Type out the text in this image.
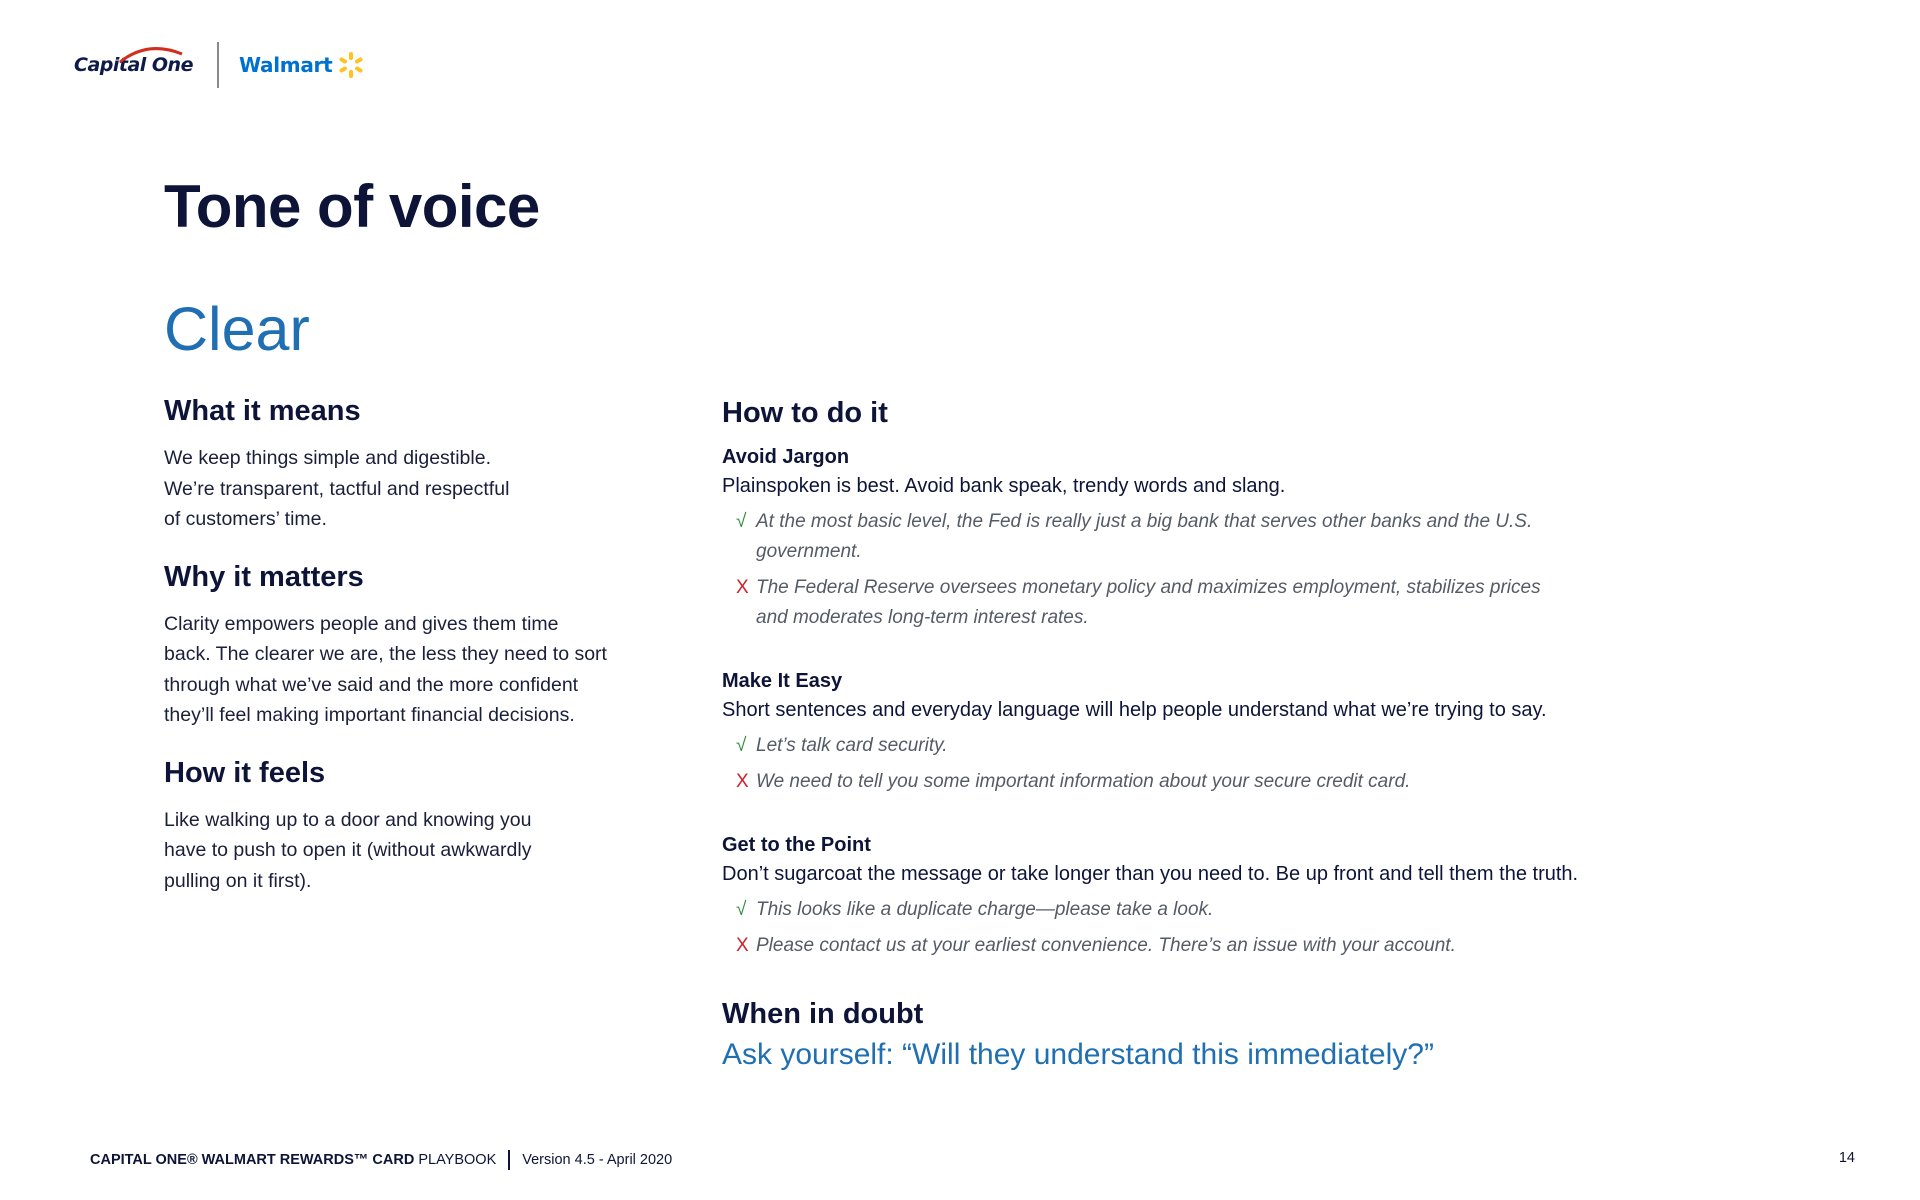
Capital One Walmart
Tone of voice
Clear
What it means

We keep things simple and digestible.
We’re transparent, tactful and respectful
of customers’ time.

Why it matters

Clarity empowers people and gives them time
back. The clearer we are, the less they need to sort
through what we’ve said and the more confident
they’ll feel making important financial decisions.

How it feels

Like walking up to a door and knowing you
have to push to open it (without awkwardly
pulling on it first).

How to do it
Avoid Jargon
Plainspoken is best. Avoid bank speak, trendy words and slang.
√ At the most basic level, the Fed is really just a big bank that serves other banks and the U.S. government.
X The Federal Reserve oversees monetary policy and maximizes employment, stabilizes prices and moderates long-term interest rates.
Make It Easy
Short sentences and everyday language will help people understand what we’re trying to say.
√ Let’s talk card security.
X We need to tell you some important information about your secure credit card.
Get to the Point
Don’t sugarcoat the message or take longer than you need to. Be up front and tell them the truth.
√ This looks like a duplicate charge—please take a look.
X Please contact us at your earliest convenience. There’s an issue with your account.
When in doubt
Ask yourself: “Will they understand this immediately?”
CAPITAL ONE® WALMART REWARDS™ CARD
PLAYBOOK Version 4.5 - April 2020	14
